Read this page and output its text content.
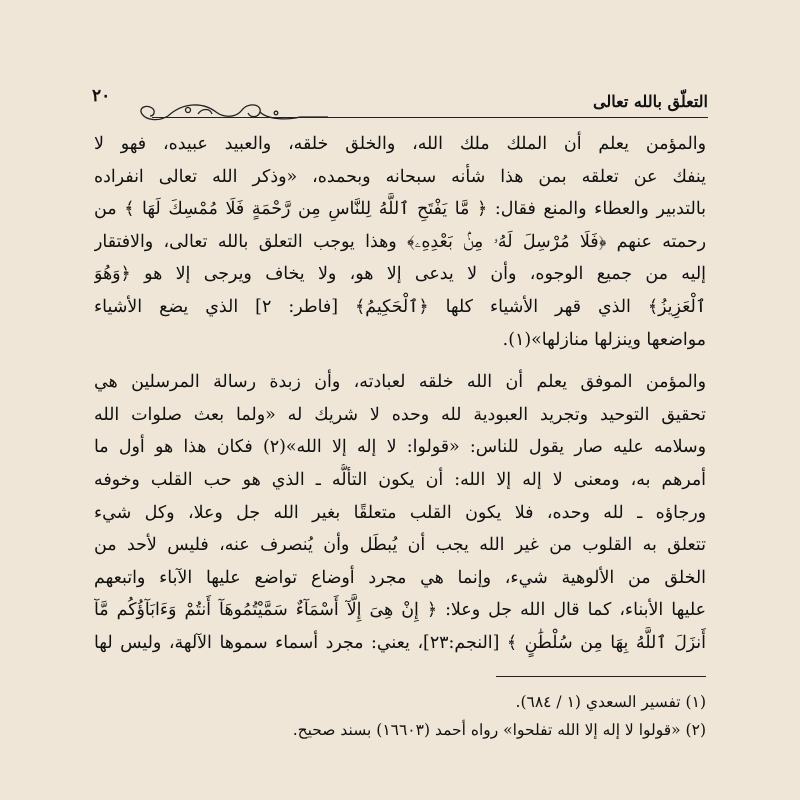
التعلّق بالله تعالى
٢٠
والمؤمن يعلم أن الملك ملك الله، والخلق خلقه، والعبيد عبيده، فهو لا
ينفك عن تعلقه بمن هذا شأنه سبحانه وبحمده، «وذكر الله تعالى انفراده
بالتدبير والعطاء والمنع فقال: ﴿ مَّا يَفْتَحِ ٱللَّهُ لِلنَّاسِ مِن رَّحْمَةٍ فَلَا مُمْسِكَ لَهَا ﴾ من
رحمته عنهم ﴿فَلَا مُرْسِلَ لَهُۥ مِنۢ بَعْدِهِۦ﴾ وهذا يوجب التعلق بالله تعالى، والافتقار
إليه من جميع الوجوه، وأن لا يدعى إلا هو، ولا يخاف ويرجى إلا هو ﴿وَهُوَ
ٱلْعَزِيزُ﴾ الذي قهر الأشياء كلها ﴿ٱلْحَكِيمُ﴾ [فاطر: ٢] الذي يضع الأشياء
مواضعها وينزلها منازلها»(١).
والمؤمن الموفق يعلم أن الله خلقه لعبادته، وأن زبدة رسالة المرسلين هي
تحقيق التوحيد وتجريد العبودية لله وحده لا شريك له «ولما بعث صلوات الله
وسلامه عليه صار يقول للناس: «قولوا: لا إله إلا الله»(٢) فكان هذا هو أول ما
أمرهم به، ومعنى لا إله إلا الله: أن يكون التألُّه ـ الذي هو حب القلب وخوفه
ورجاؤه ـ لله وحده، فلا يكون القلب متعلقًا بغير الله جل وعلا، وكل شيء
تتعلق به القلوب من غير الله يجب أن يُبطَل وأن يُنصرف عنه، فليس لأحد من
الخلق من الألوهية شيء، وإنما هي مجرد أوضاع تواضع عليها الآباء واتبعهم
عليها الأبناء، كما قال الله جل وعلا: ﴿ إِنْ هِىَ إِلَّآ أَسْمَآءٌ سَمَّيْتُمُوهَآ أَنتُمْ وَءَابَآؤُكُم مَّآ
أَنزَلَ ٱللَّهُ بِهَا مِن سُلْطَٰنٍ ﴾ [النجم:٢٣]، يعني: مجرد أسماء سموها الآلهة، وليس لها
(١) تفسير السعدي (١ / ٦٨٤).
(٢) «قولوا لا إله إلا الله تفلحوا» رواه أحمد (١٦٦٠٣) بسند صحيح.
